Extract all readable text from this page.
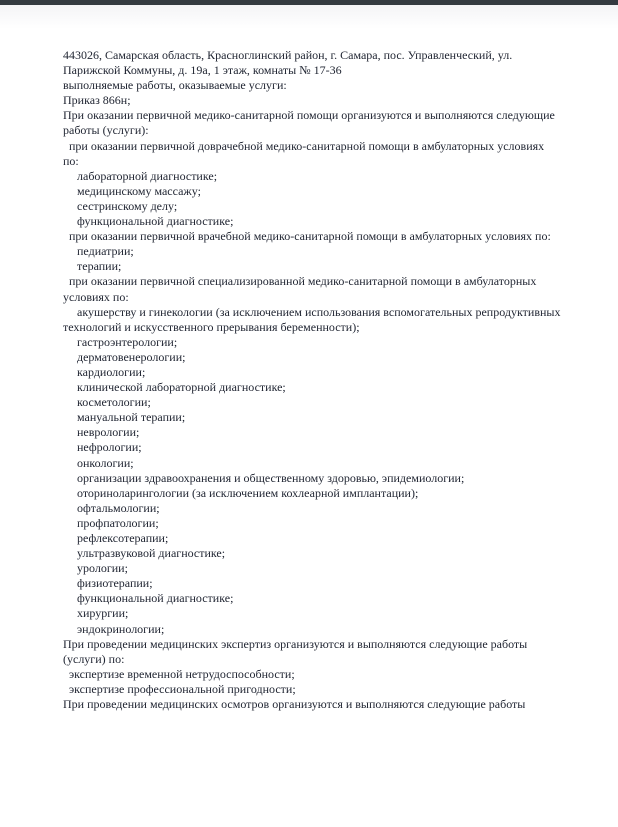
443026, Самарская область, Красноглинский район, г. Самара, пос. Управленческий, ул.
Парижской Коммуны, д. 19а, 1 этаж, комнаты № 17-36
выполняемые работы, оказываемые услуги:
Приказ 866н;
При оказании первичной медико-санитарной помощи организуются и выполняются следующие
работы (услуги):
при оказании первичной доврачебной медико-санитарной помощи в амбулаторных условиях
по:
лабораторной диагностике;
медицинскому массажу;
сестринскому делу;
функциональной диагностике;
при оказании первичной врачебной медико-санитарной помощи в амбулаторных условиях по:
педиатрии;
терапии;
при оказании первичной специализированной медико-санитарной помощи в амбулаторных
условиях по:
акушерству и гинекологии (за исключением использования вспомогательных репродуктивных
технологий и искусственного прерывания беременности);
гастроэнтерологии;
дерматовенерологии;
кардиологии;
клинической лабораторной диагностике;
косметологии;
мануальной терапии;
неврологии;
нефрологии;
онкологии;
организации здравоохранения и общественному здоровью, эпидемиологии;
оториноларингологии (за исключением кохлеарной имплантации);
офтальмологии;
профпатологии;
рефлексотерапии;
ультразвуковой диагностике;
урологии;
физиотерапии;
функциональной диагностике;
хирургии;
эндокринологии;
При проведении медицинских экспертиз организуются и выполняются следующие работы
(услуги) по:
экспертизе временной нетрудоспособности;
экспертизе профессиональной пригодности;
При проведении медицинских осмотров организуются и выполняются следующие работы
